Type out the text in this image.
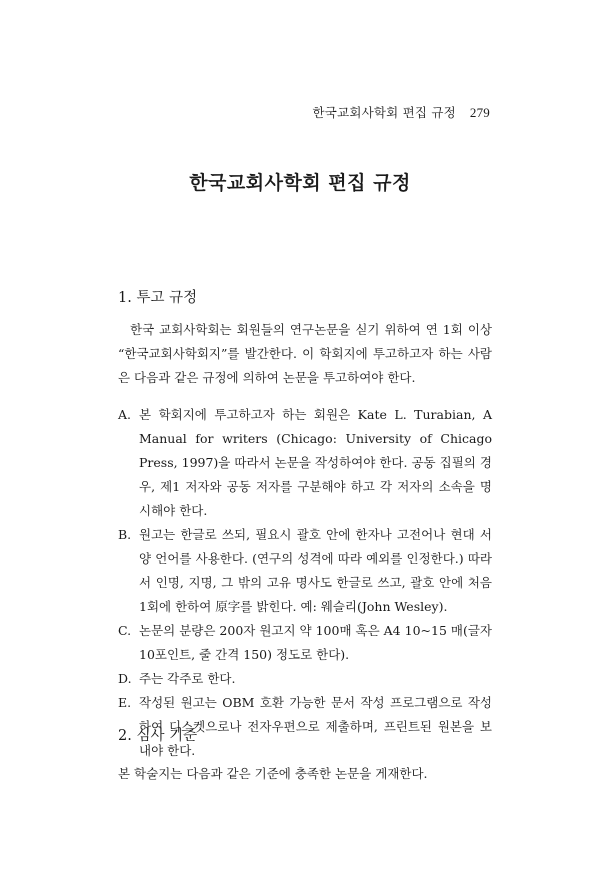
한국교회사학회 편집 규정 279
한국교회사학회 편집 규정
1. 투고 규정
한국 교회사학회는 회원들의 연구논문을 싣기 위하여 연 1회 이상 “한국교회사학회지”를 발간한다. 이 학회지에 투고하고자 하는 사람은 다음과 같은 규정에 의하여 논문을 투고하여야 한다.
A. 본 학회지에 투고하고자 하는 회원은 Kate L. Turabian, A Manual for writers (Chicago: University of Chicago Press, 1997)을 따라서 논문을 작성하여야 한다. 공동 집필의 경우, 제1 저자와 공동 저자를 구분해야 하고 각 저자의 소속을 명시해야 한다.
B. 원고는 한글로 쓰되, 필요시 괄호 안에 한자나 고전어나 현대 서양 언어를 사용한다. (연구의 성격에 따라 예외를 인정한다.) 따라서 인명, 지명, 그 밖의 고유 명사도 한글로 쓰고, 괄호 안에 처음 1회에 한하여 原字를 밝힌다. 예: 웨슬리(John Wesley).
C. 논문의 분량은 200자 원고지 약 100매 혹은 A4 10~15 매(글자 10포인트, 줄 간격 150) 정도로 한다).
D. 주는 각주로 한다.
E. 작성된 원고는 OBM 호환 가능한 문서 작성 프로그램으로 작성하여 디스켓으로나 전자우편으로 제출하며, 프린트된 원본을 보내야 한다.
2. 심사 기준
본 학술지는 다음과 같은 기준에 충족한 논문을 게재한다.
